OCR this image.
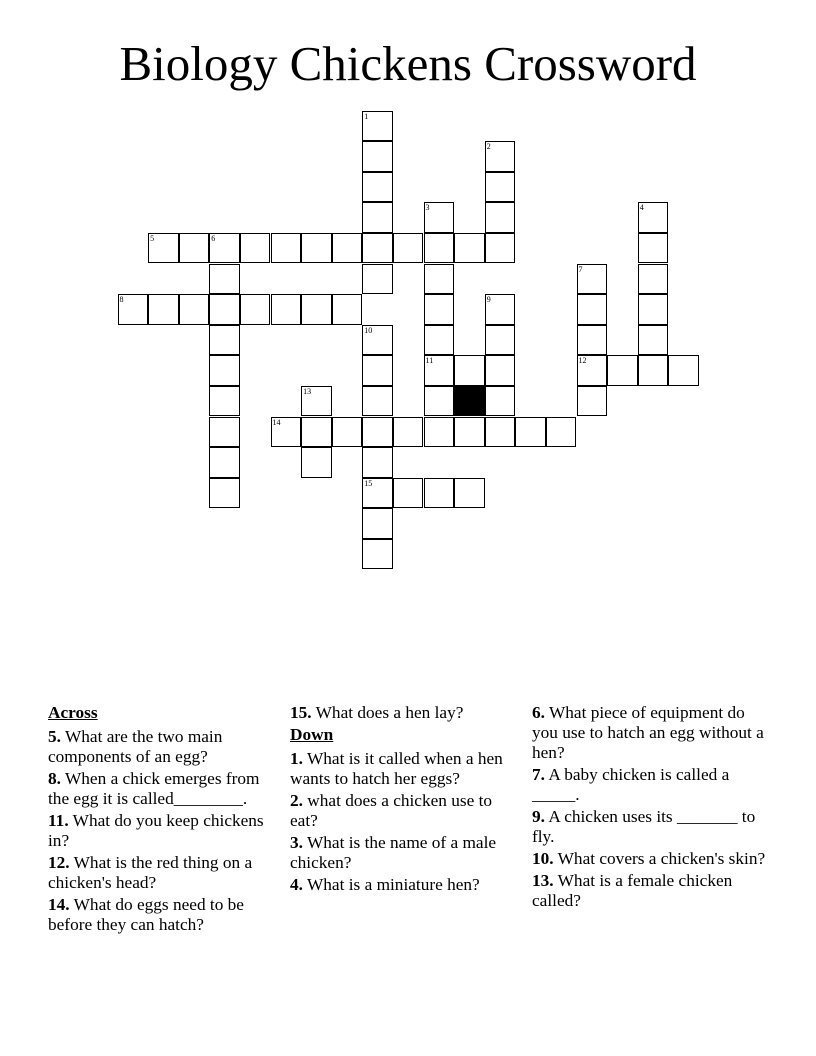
Biology Chickens Crossword
1
2
3	4
5	6
7
8	9
10
11	12
13
14
15
Across
5. What are the two main components of an egg?
8. When a chick emerges from the egg it is called________.
11. What do you keep chickens in?
12. What is the red thing on a chicken's head?
14. What do eggs need to be before they can hatch?
15. What does a hen lay?
Down
1. What is it called when a hen wants to hatch her eggs?
2. what does a chicken use to eat?
3. What is the name of a male chicken?
4. What is a miniature hen?
6. What piece of equipment do you use to hatch an egg without a hen?
7. A baby chicken is called a _____.
9. A chicken uses its _______ to fly.
10. What covers a chicken's skin?
13. What is a female chicken called?
